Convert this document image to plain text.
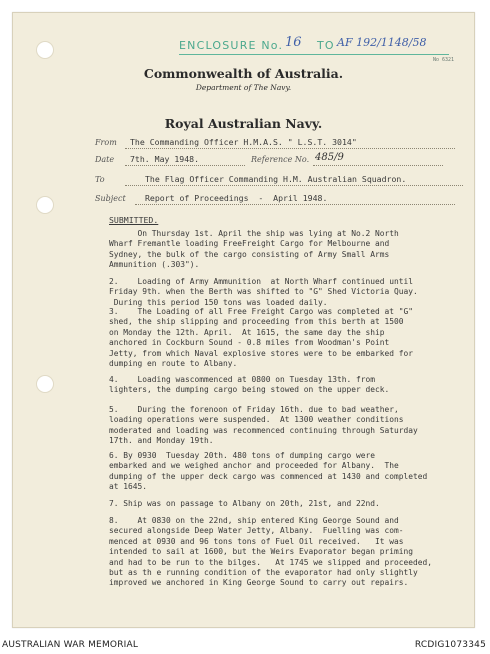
ENCLOSURE No. 16 TO AF 192/1148/58
No 6321
Commonwealth of Australia.
Department of The Navy.
Royal Australian Navy.
From The Commanding Officer H.M.A.S. " L.S.T. 3014"
Date 7th. May 1948.	Reference No. 485/9
To	The Flag Officer Commanding H.M. Australian Squadron.
Subject Report of Proceedings  -  April 1948.
SUBMITTED.
On Thursday 1st. April the ship was lying at No.2 North
Wharf Fremantle loading FreeFreight Cargo for Melbourne and
Sydney, the bulk of the cargo consisting of Army Small Arms
Ammunition (.303").
2.    Loading of Army Ammunition  at North Wharf continued until
Friday 9th. when the Berth was shifted to "G" Shed Victoria Quay.
During this period 150 tons was loaded daily.
3.    The Loading of all Free Freight Cargo was completed at "G"
shed, the ship slipping and proceeding from this berth at 1500
on Monday the 12th. April.  At 1615, the same day the ship
anchored in Cockburn Sound - 0.8 miles from Woodman's Point
Jetty, from which Naval explosive stores were to be embarked for
dumping en route to Albany.
4.    Loading wascommenced at 0800 on Tuesday 13th. from
lighters, the dumping cargo being stowed on the upper deck.
5.    During the forenoon of Friday 16th. due to bad weather,
loading operations were suspended.  At 1300 weather conditions
moderated and loading was recommenced continuing through Saturday
17th. and Monday 19th.
6. By 0930  Tuesday 20th. 480 tons of dumping cargo were
embarked and we weighed anchor and proceeded for Albany.  The
dumping of the upper deck cargo was commenced at 1430 and completed
at 1645.
7. Ship was on passage to Albany on 20th, 21st, and 22nd.
8.    At 0830 on the 22nd, ship entered King George Sound and
secured alongside Deep Water Jetty, Albany.  Fuelling was com-
menced at 0930 and 96 tons tons of Fuel Oil received.   It was
intended to sail at 1600, but the Weirs Evaporator began priming
and had to be run to the bilges.   At 1745 we slipped and proceeded,
but as th e running condition of the evaporator had only slightly
improved we anchored in King George Sound to carry out repairs.
AUSTRALIAN WAR MEMORIAL	RCDIG1073345
